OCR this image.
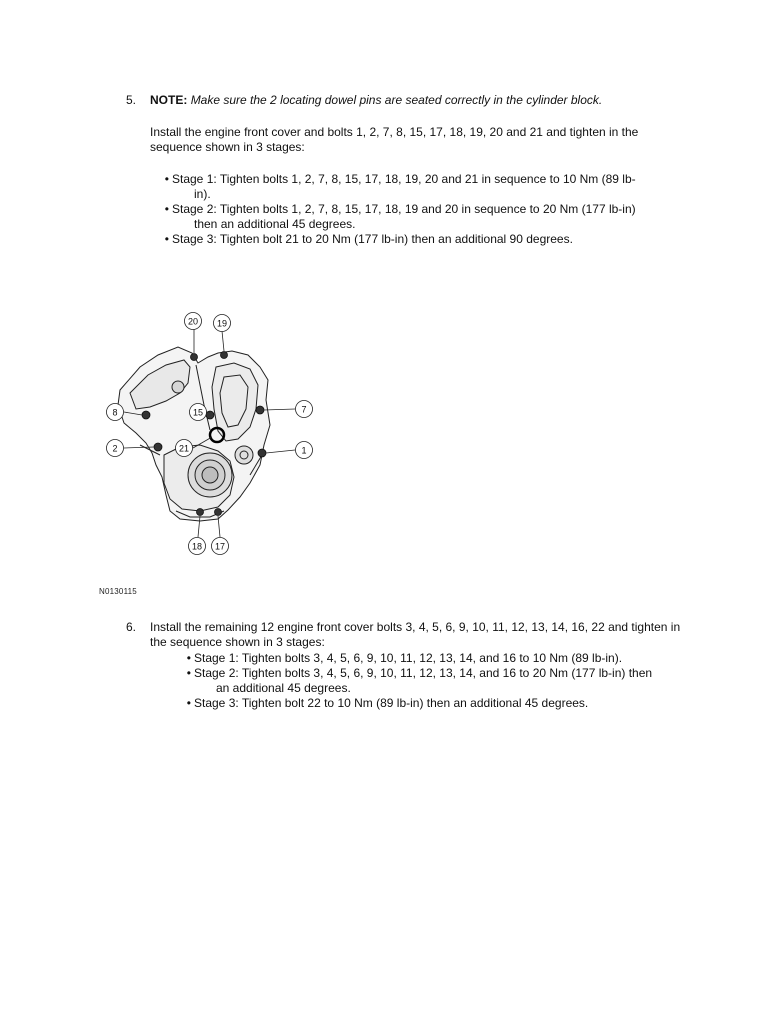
5. NOTE: Make sure the 2 locating dowel pins are seated correctly in the cylinder block.
Install the engine front cover and bolts 1, 2, 7, 8, 15, 17, 18, 19, 20 and 21 and tighten in the sequence shown in 3 stages:
• Stage 1: Tighten bolts 1, 2, 7, 8, 15, 17, 18, 19, 20 and 21 in sequence to 10 Nm (89 lb-
in).
• Stage 2: Tighten bolts 1, 2, 7, 8, 15, 17, 18, 19 and 20 in sequence to 20 Nm (177 lb-in)
then an additional 45 degrees.
• Stage 3: Tighten bolt 21 to 20 Nm (177 lb-in) then an additional 90 degrees.
20 19
8	15	7
2	21	1
18 17
N0130115
6. Install the remaining 12 engine front cover bolts 3, 4, 5, 6, 9, 10, 11, 12, 13, 14, 16, 22 and tighten in the sequence shown in 3 stages:
• Stage 1: Tighten bolts 3, 4, 5, 6, 9, 10, 11, 12, 13, 14, and 16 to 10 Nm (89 lb-in).
• Stage 2: Tighten bolts 3, 4, 5, 6, 9, 10, 11, 12, 13, 14, and 16 to 20 Nm (177 lb-in) then
an additional 45 degrees.
• Stage 3: Tighten bolt 22 to 10 Nm (89 lb-in) then an additional 45 degrees.
